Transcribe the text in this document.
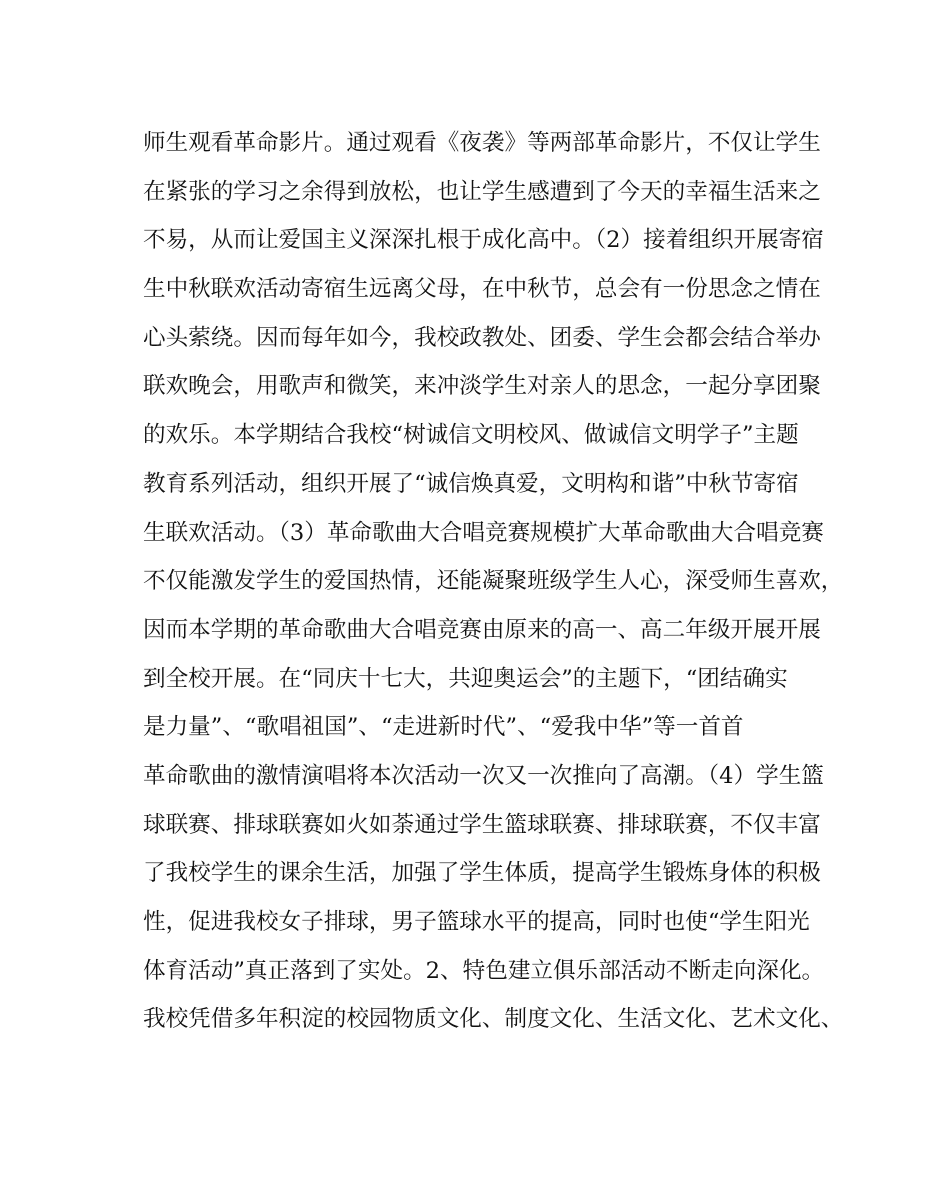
师生观看革命影片。通过观看《夜袭》等两部革命影片，不仅让学生
在紧张的学习之余得到放松，也让学生感遭到了今天的幸福生活来之
不易，从而让爱国主义深深扎根于成化高中。（2）接着组织开展寄宿
生中秋联欢活动寄宿生远离父母，在中秋节，总会有一份思念之情在
心头萦绕。因而每年如今，我校政教处、团委、学生会都会结合举办
联欢晚会，用歌声和微笑，来冲淡学生对亲人的思念，一起分享团聚
的欢乐。本学期结合我校“树诚信文明校风、做诚信文明学子”主题
教育系列活动，组织开展了“诚信焕真爱，文明构和谐”中秋节寄宿
生联欢活动。（3）革命歌曲大合唱竞赛规模扩大革命歌曲大合唱竞赛
不仅能激发学生的爱国热情，还能凝聚班级学生人心，深受师生喜欢，
因而本学期的革命歌曲大合唱竞赛由原来的高一、高二年级开展开展
到全校开展。在“同庆十七大，共迎奥运会”的主题下，“团结确实
是力量”、“歌唱祖国”、“走进新时代”、“爱我中华”等一首首
革命歌曲的激情演唱将本次活动一次又一次推向了高潮。（4）学生篮
球联赛、排球联赛如火如荼通过学生篮球联赛、排球联赛，不仅丰富
了我校学生的课余生活，加强了学生体质，提高学生锻炼身体的积极
性，促进我校女子排球，男子篮球水平的提高，同时也使“学生阳光
体育活动”真正落到了实处。2、特色建立俱乐部活动不断走向深化。
我校凭借多年积淀的校园物质文化、制度文化、生活文化、艺术文化、
